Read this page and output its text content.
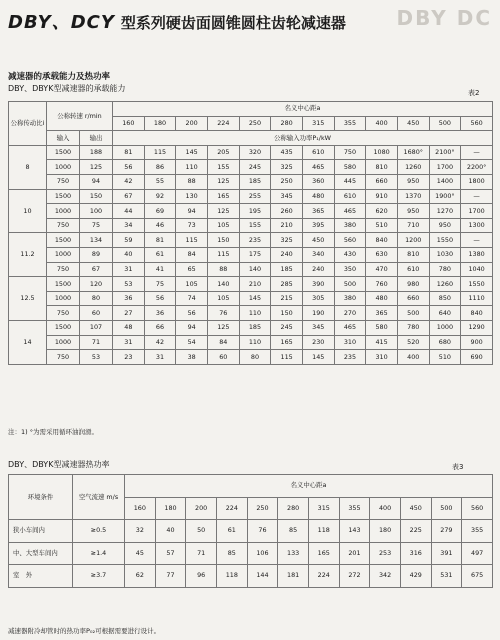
DBY DC
DBY、DCY 型系列硬齿面圆锥圆柱齿轮减速器
减速器的承载能力及热功率
DBY、DBYK型减速器的承载能力	表2
公称传动比i	公称转速 r/min		名义中心距a											
			160	180	200	224	250	280	315	355	400	450	500	560
	输入	输出	公称输入功率P₁/kW											
8	1500	188	81	115	145	205	320	435	610	750	1080	1680°	2100°	—
	1000	125	56	86	110	155	245	325	465	580	810	1260	1700	2200°
	750	94	42	55	88	125	185	250	360	445	660	950	1400	1800
10	1500	150	67	92	130	165	255	345	480	610	910	1370	1900°	—
	1000	100	44	69	94	125	195	260	365	465	620	950	1270	1700
	750	75	34	46	73	105	155	210	395	380	510	710	950	1300
11.2	1500	134	59	81	115	150	235	325	450	560	840	1200	1550	—
	1000	89	40	61	84	115	175	240	340	430	630	810	1030	1380
	750	67	31	41	65	88	140	185	240	350	470	610	780	1040
12.5	1500	120	53	75	105	140	210	285	390	500	760	980	1260	1550
	1000	80	36	56	74	105	145	215	305	380	480	660	850	1110
	750	60	27	36	56	76	110	150	190	270	365	500	640	840
14	1500	107	48	66	94	125	185	245	345	465	580	780	1000	1290
	1000	71	31	42	54	84	110	165	230	310	415	520	680	900
	750	53	23	31	38	60	80	115	145	235	310	400	510	690
注：1) °为需采用循环油润滑。
DBY、DBYK型减速器热功率	表3
环境条件	空气流速 m/s	名义中心距a											
		160	180	200	224	250	280	315	355	400	450	500	560
狭小车间内	≥0.5	32	40	50	61	76	85	118	143	180	225	279	355
中、大型车间内	≥1.4	45	57	71	85	106	133	165	201	253	316	391	497
室　外	≥3.7	62	77	96	118	144	181	224	272	342	429	531	675
减速器附冷却管时的热功率P₀₂可根据需要进行设计。
